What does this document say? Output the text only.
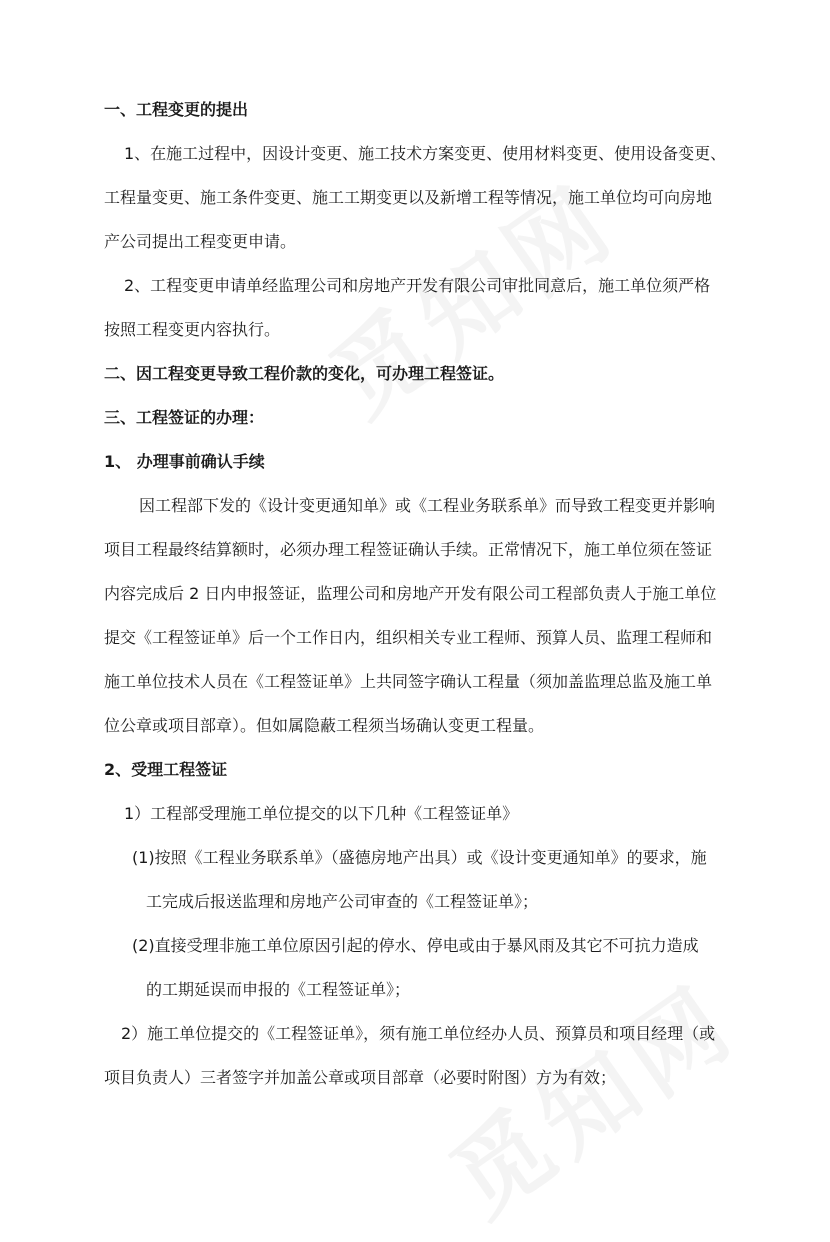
一、工程变更的提出
1、在施工过程中，因设计变更、施工技术方案变更、使用材料变更、使用设备变更、
工程量变更、施工条件变更、施工工期变更以及新增工程等情况，施工单位均可向房地
产公司提出工程变更申请。
2、工程变更申请单经监理公司和房地产开发有限公司审批同意后，施工单位须严格
按照工程变更内容执行。
二、因工程变更导致工程价款的变化，可办理工程签证。
三、工程签证的办理：
1、 办理事前确认手续
因工程部下发的《设计变更通知单》或《工程业务联系单》而导致工程变更并影响
项目工程最终结算额时，必须办理工程签证确认手续。正常情况下，施工单位须在签证
内容完成后 2 日内申报签证，监理公司和房地产开发有限公司工程部负责人于施工单位
提交《工程签证单》后一个工作日内，组织相关专业工程师、预算人员、监理工程师和
施工单位技术人员在《工程签证单》上共同签字确认工程量（须加盖监理总监及施工单
位公章或项目部章）。但如属隐蔽工程须当场确认变更工程量。
2、受理工程签证
1）工程部受理施工单位提交的以下几种《工程签证单》
(1)按照《工程业务联系单》（盛德房地产出具）或《设计变更通知单》的要求，施
工完成后报送监理和房地产公司审查的《工程签证单》；
(2)直接受理非施工单位原因引起的停水、停电或由于暴风雨及其它不可抗力造成
的工期延误而申报的《工程签证单》；
2）施工单位提交的《工程签证单》，须有施工单位经办人员、预算员和项目经理（或
项目负责人）三者签字并加盖公章或项目部章（必要时附图）方为有效；
